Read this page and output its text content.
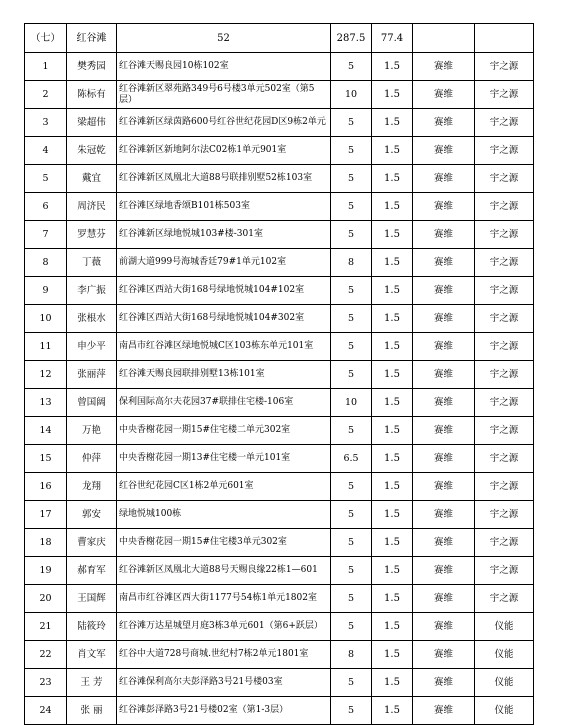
（七）	红谷滩	52	287.5	77.4		
1	樊秀园	红谷滩天赐良园10栋102室	5	1.5	赛维	宇之源
2	陈标有	红谷滩新区翠苑路349号6号楼3单元502室（第5层）	10	1.5	赛维	宇之源
3	梁超伟	红谷滩新区绿茵路600号红谷世纪花园D区9栋2单元	5	1.5	赛维	宇之源
4	朱冠乾	红谷滩新区新地阿尔法C02栋1单元901室	5	1.5	赛维	宇之源
5	戴宜	红谷滩新区凤凰北大道88号联排别墅52栋103室	5	1.5	赛维	宇之源
6	周济民	红谷滩区绿地香颂B101栋503室	5	1.5	赛维	宇之源
7	罗慧芬	红谷滩新区绿地悦城103#楼-301室	5	1.5	赛维	宇之源
8	丁薇	前湖大道999号海城香廷79#1单元102室	8	1.5	赛维	宇之源
9	李广振	红谷滩区西站大街168号绿地悦城104#102室	5	1.5	赛维	宇之源
10	张根水	红谷滩区西站大街168号绿地悦城104#302室	5	1.5	赛维	宇之源
11	申少平	南昌市红谷滩区绿地悦城C区103栋东单元101室	5	1.5	赛维	宇之源
12	张丽萍	红谷滩天赐良园联排别墅13栋101室	5	1.5	赛维	宇之源
13	曾国阔	保利国际高尔夫花园37#联排住宅楼-106室	10	1.5	赛维	宇之源
14	万艳	中央香榭花园一期15#住宅楼二单元302室	5	1.5	赛维	宇之源
15	仲萍	中央香榭花园一期13#住宅楼一单元101室	6.5	1.5	赛维	宇之源
16	龙翔	红谷世纪花园C区1栋2单元601室	5	1.5	赛维	宇之源
17	郭安	绿地悦城100栋	5	1.5	赛维	宇之源
18	曹家庆	中央香榭花园一期15#住宅楼3单元302室	5	1.5	赛维	宇之源
19	郝育军	红谷滩新区凤凰北大道88号天赐良缘22栋1—601	5	1.5	赛维	宇之源
20	王国辉	南昌市红谷滩区西大街1177号54栋1单元1802室	5	1.5	赛维	宇之源
21	陆筱玲	红谷滩万达星城望月庭3栋3单元601（第6+跃层）	5	1.5	赛维	仪能
22	肖文军	红谷中大道728号商城.世纪村7栋2单元1801室	8	1.5	赛维	仪能
23	王 芳	红谷滩保利高尔夫彭泽路3号21号楼03室	5	1.5	赛维	仪能
24	张 丽	红谷滩彭泽路3号21号楼02室（第1-3层）	5	1.5	赛维	仪能
